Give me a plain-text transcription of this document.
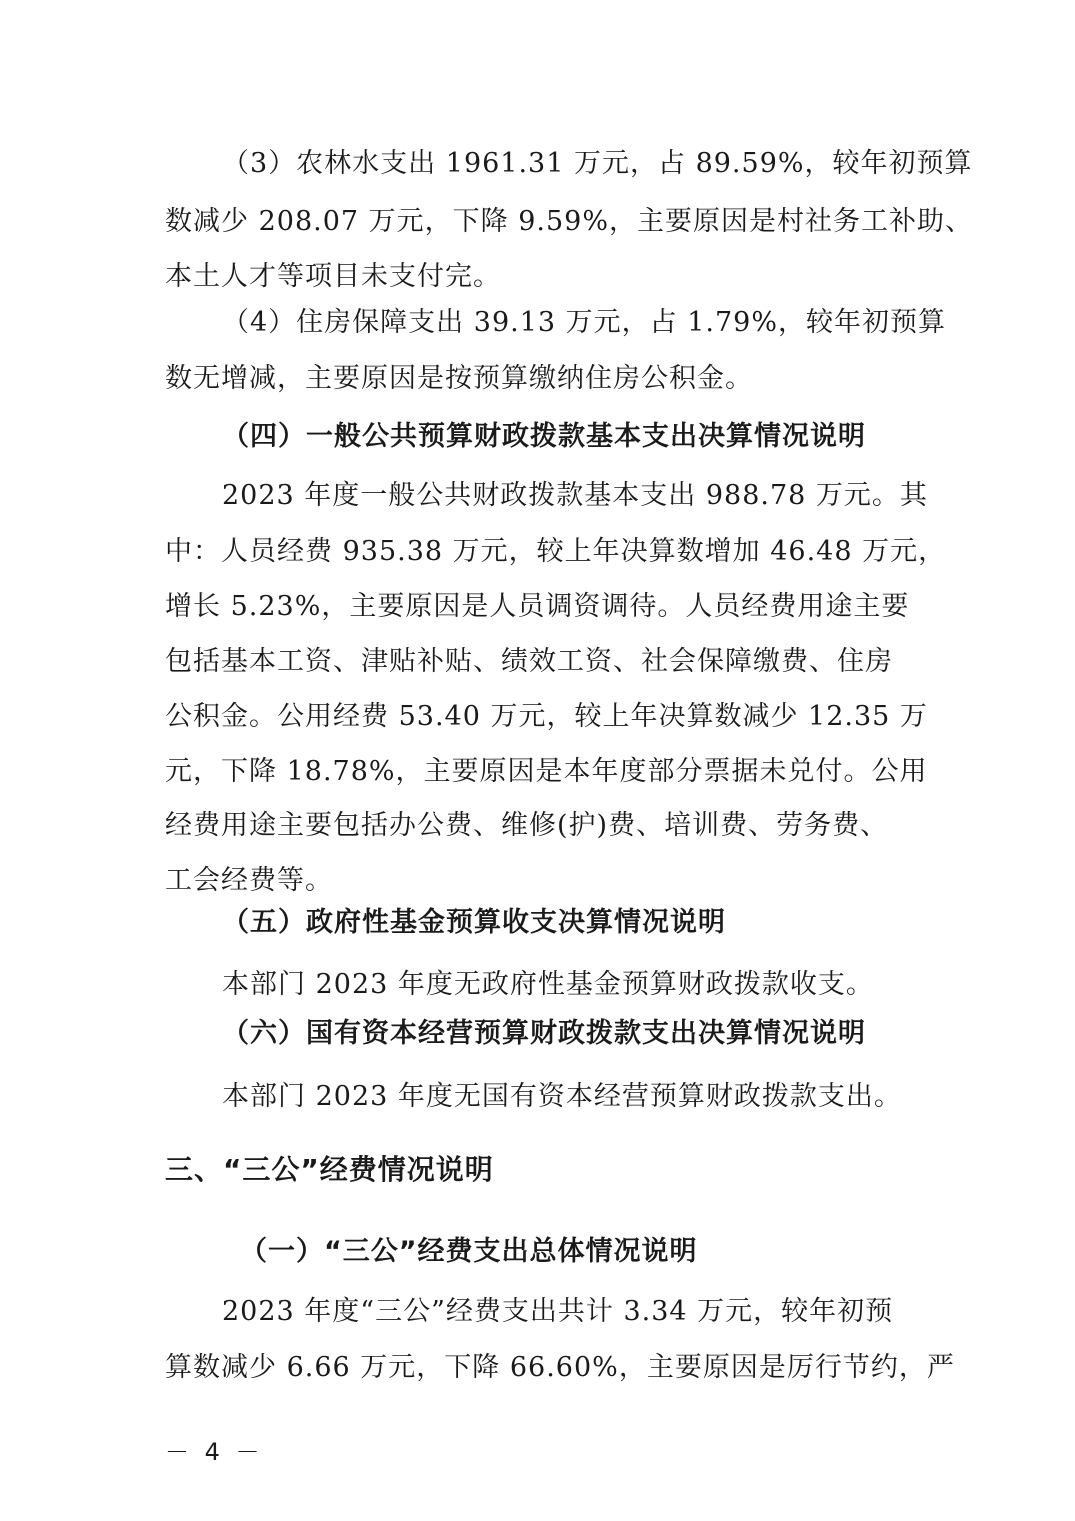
（3）农林水支出 1961.31 万元，占 89.59%，较年初预算
数减少 208.07 万元，下降 9.59%，主要原因是村社务工补助、
本土人才等项目未支付完。
（4）住房保障支出 39.13 万元，占 1.79%，较年初预算
数无增减，主要原因是按预算缴纳住房公积金。
（四）一般公共预算财政拨款基本支出决算情况说明
2023 年度一般公共财政拨款基本支出 988.78 万元。其
中：人员经费 935.38 万元，较上年决算数增加 46.48 万元，
增长 5.23%，主要原因是人员调资调待。人员经费用途主要
包括基本工资、津贴补贴、绩效工资、社会保障缴费、住房
公积金。公用经费 53.40 万元，较上年决算数减少 12.35 万
元，下降 18.78%，主要原因是本年度部分票据未兑付。公用
经费用途主要包括办公费、维修(护)费、培训费、劳务费、
工会经费等。
（五）政府性基金预算收支决算情况说明
本部门 2023 年度无政府性基金预算财政拨款收支。
（六）国有资本经营预算财政拨款支出决算情况说明
本部门 2023 年度无国有资本经营预算财政拨款支出。
三、“三公”经费情况说明
（一）“三公”经费支出总体情况说明
2023 年度“三公”经费支出共计 3.34 万元，较年初预
算数减少 6.66 万元，下降 66.60%，主要原因是厉行节约，严
－ 4 －
